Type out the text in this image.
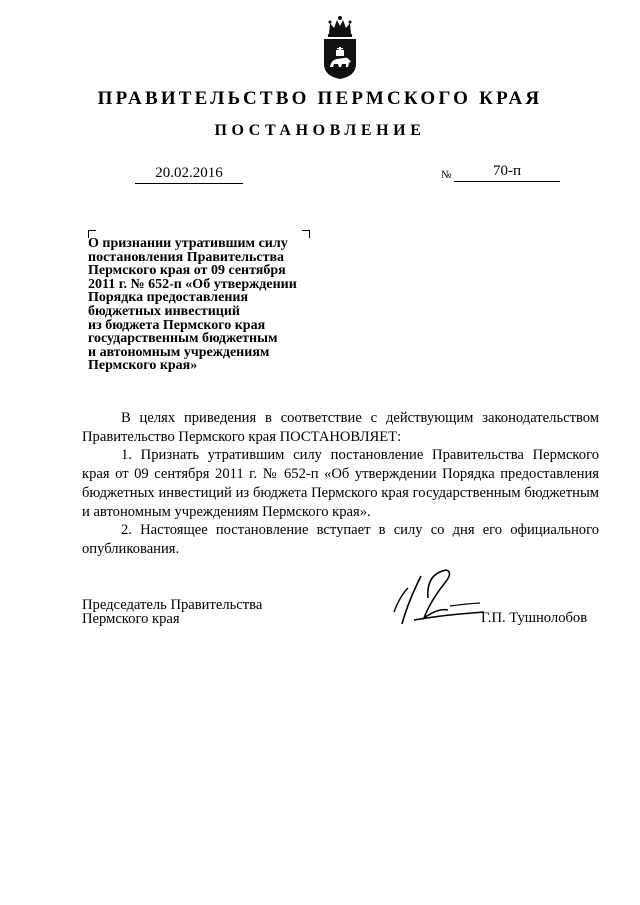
ПРАВИТЕЛЬСТВО ПЕРМСКОГО КРАЯ
ПОСТАНОВЛЕНИЕ
20.02.2016	№	70-п
О признании утратившим силу
постановления Правительства
Пермского края от 09 сентября
2011 г. № 652-п «Об утверждении
Порядка предоставления
бюджетных инвестиций
из бюджета Пермского края
государственным бюджетным
и автономным учреждениям
Пермского края»

В целях приведения в соответствие с действующим законодательством Правительство Пермского края ПОСТАНОВЛЯЕТ:

1. Признать утратившим силу постановление Правительства Пермского края от 09 сентября 2011 г. № 652-п «Об утверждении Порядка предоставления бюджетных инвестиций из бюджета Пермского края государственным бюджетным и автономным учреждениям Пермского края».

2. Настоящее постановление вступает в силу со дня его официального опубликования.

Председатель Правительства
Пермского края	Г.П. Тушнолобов
